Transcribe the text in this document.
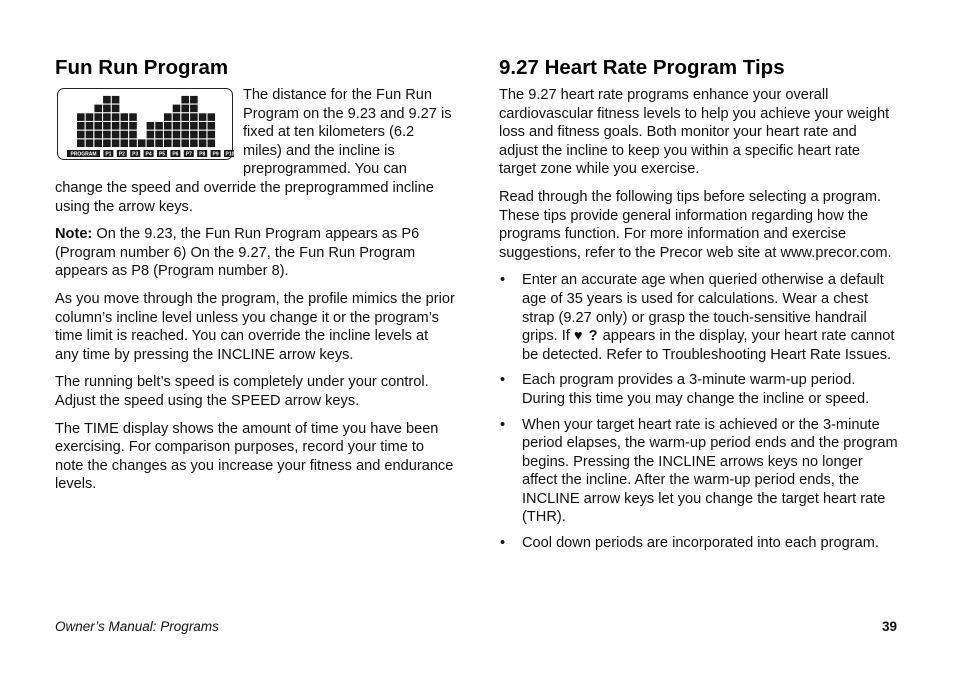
Fun Run Program
PROGRAM P1 P2 P3 P4 P5 P6 P7 P8 P9 P10

The distance for the Fun Run Program on the 9.23 and 9.27 is fixed at ten kilometers (6.2 miles) and the incline is preprogrammed. You can change the speed and override the preprogrammed incline using the arrow keys.

Note: On the 9.23, the Fun Run Program appears as P6 (Program number 6) On the 9.27, the Fun Run Program appears as P8 (Program number 8).

As you move through the program, the profile mimics the prior column’s incline level unless you change it or the program’s time limit is reached. You can override the incline levels at any time by pressing the INCLINE arrow keys.

The running belt’s speed is completely under your control. Adjust the speed using the SPEED arrow keys.

The TIME display shows the amount of time you have been exercising. For comparison purposes, record your time to note the changes as you increase your fitness and endurance levels.

9.27 Heart Rate Program Tips

The 9.27 heart rate programs enhance your overall cardiovascular fitness levels to help you achieve your weight loss and fitness goals. Both monitor your heart rate and adjust the incline to keep you within a specific heart rate target zone while you exercise.

Read through the following tips before selecting a program. These tips provide general information regarding how the programs function. For more information and exercise suggestions, refer to the Precor web site at www.precor.com.

• Enter an accurate age when queried otherwise a default age of 35 years is used for calculations. Wear a chest strap (9.27 only) or grasp the touch-sensitive handrail grips. If ♥ ? appears in the display, your heart rate cannot be detected. Refer to Troubleshooting Heart Rate Issues.
• Each program provides a 3-minute warm-up period. During this time you may change the incline or speed.
• When your target heart rate is achieved or the 3-minute period elapses, the warm-up period ends and the program begins. Pressing the INCLINE arrows keys no longer affect the incline. After the warm-up period ends, the INCLINE arrow keys let you change the target heart rate (THR).
• Cool down periods are incorporated into each program.
Owner’s Manual: Programs	39
